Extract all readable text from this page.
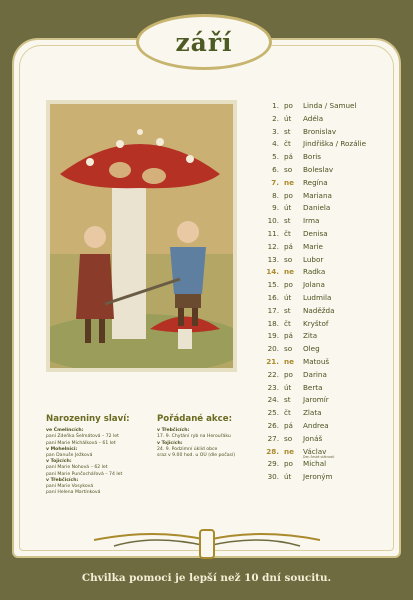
září
1. po	Linda / Samuel
2. út	Adéla
3. st	Bronislav
4. čt	Jindřiška / Rozálie
5. pá	Boris
6. so	Boleslav
7. ne	Regína
8. po	Mariana
9. út	Daniela
10. st	Irma
11. čt	Denisa
12. pá	Marie
13. so	Lubor
14. ne	Radka
15. po	Jolana
16. út	Ludmila
17. st	Naděžda
18. čt	Kryštof
19. pá	Zita
20. so	Oleg
21. ne	Matouš
22. po	Darina
23. út	Berta
24. st	Jaromír
25. čt	Zlata
26. pá	Andrea
27. so	Jonáš
28. ne	Václav
Den české státnosti
29. po	Michal
30. út	Jeroným
Narozeniny slaví:
ve Čmelíncích:
paní Zdeňka Šelmátová – 72 let
paní Marie Michálková – 61 let
v Mohelnici:
pan Danuše Ježková
v Tojicích:
paní Marie Nohová – 62 let
paní Marie Punčochářová – 74 let
v Třebčicích:
paní Marie Vosyková
paní Helena Martínková
Pořádané akce:
v Třebčicích:
17. 9. Chytání ryb na Herouřáku
v Tojicích:
24. 9. Podzimní úklid obce
sraz v 9.00 hod. u OÚ (dle počasí)
Chvilka pomoci je lepší než 10 dní soucitu.
